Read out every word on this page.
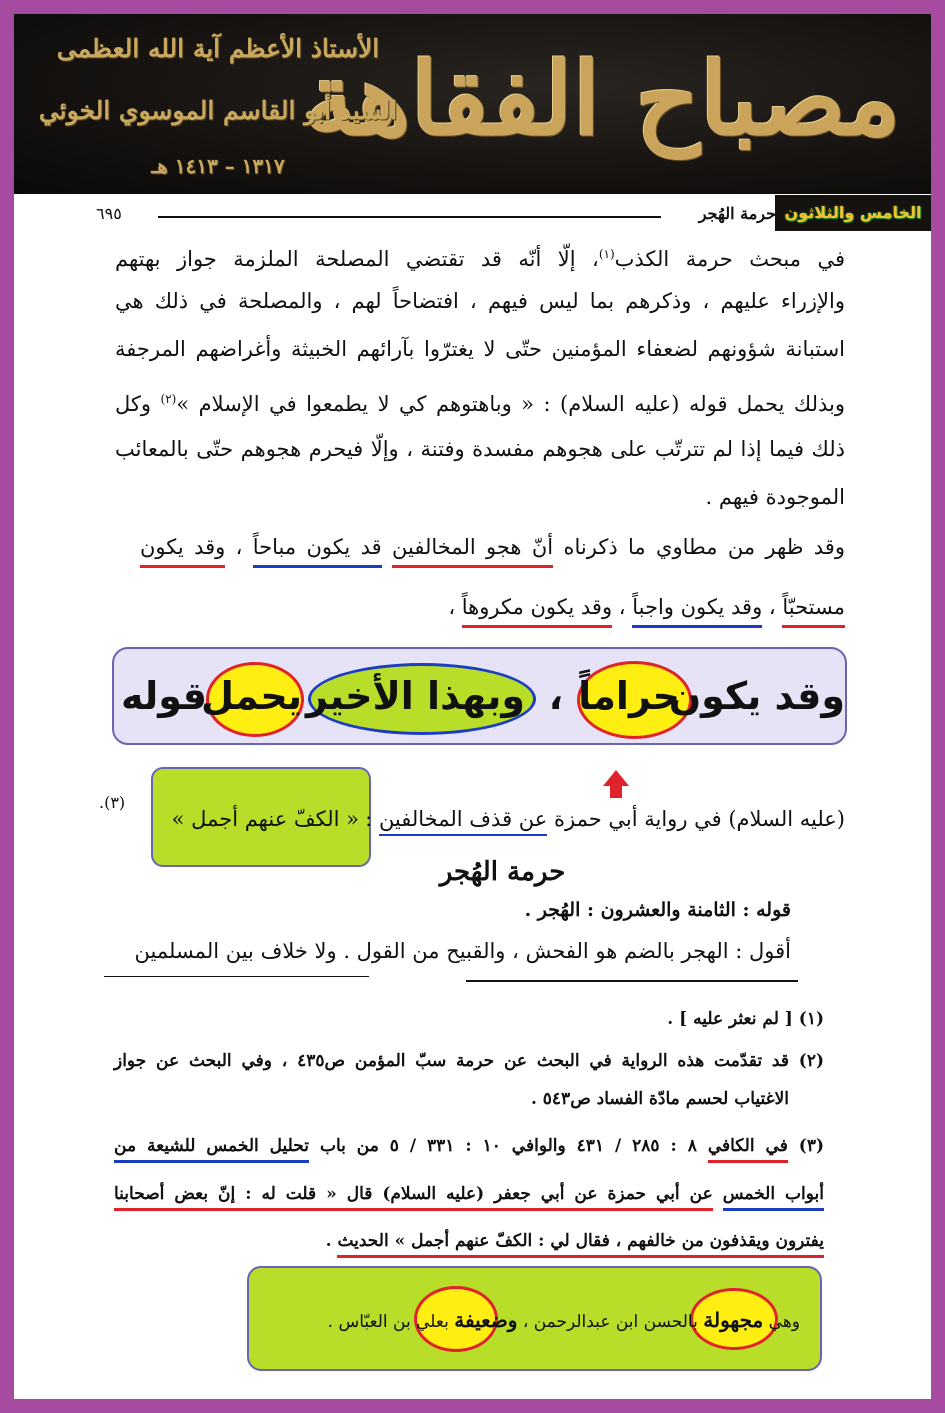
مصباح الفقاهة
الأستاذ الأعظم آية الله العظمى
السيد أبو القاسم الموسوي الخوئي
١٣١٧ – ١٤١٣ هـ
الخامس والثلاثون
حرمة الهُجر
٦٩٥
في مبحث حرمة الكذب$^{(١)}$، إلّا أنّه قد تقتضي المصلحة الملزمة جواز بهتهم
والإزراء عليهم ، وذكرهم بما ليس فيهم ، افتضاحاً لهم ، والمصلحة في ذلك هي
استبانة شؤونهم لضعفاء المؤمنين حتّى لا يغترّوا بآرائهم الخبيثة وأغراضهم المرجفة
وبذلك يحمل قوله (عليه السلام) : « وباهتوهم كي لا يطمعوا في الإسلام »$^{(٢)}$ وكل
ذلك فيما إذا لم تترتّب على هجوهم مفسدة وفتنة ، وإلّا فيحرم هجوهم حتّى بالمعائب
الموجودة فيهم .
وقد ظهر من مطاوي ما ذكرناه أنّ هجو المخالفين قد يكون مباحاً ، وقد يكون
مستحبّاً ، وقد يكون واجباً ، وقد يكون مكروهاً ،
وقد يكون
حراماً
،
وبهذا الأخير
يحمل
قوله
« الكفّ عنهم أجمل »	(عليه السلام) في رواية أبي حمزة عن قذف المخالفين :
(٣).
حرمة الهُجر
قوله : الثامنة والعشرون : الهُجر .
أقول : الهجر بالضم هو الفحش ، والقبيح من القول . ولا خلاف بين المسلمين
(١) [ لم نعثر عليه ] .
(٢) قد تقدّمت هذه الرواية في البحث عن حرمة سبّ المؤمن ص٤٣٥ ، وفي البحث عن جواز
الاغتياب لحسم مادّة الفساد ص٥٤٣ .
(٣) في الكافي ٨ : ٢٨٥ / ٤٣١ والوافي ١٠ : ٣٣١ / ٥ من باب تحليل الخمس للشيعة من
أبواب الخمس عن أبي حمزة عن أبي جعفر (عليه السلام) قال « قلت له : إنّ بعض أصحابنا
يفترون ويقذفون من خالفهم ، فقال لي : الكفّ عنهم أجمل » الحديث .
وهي مجهولة بالحسن ابن عبدالرحمن ، وضعيفة بعلي بن العبّاس .
